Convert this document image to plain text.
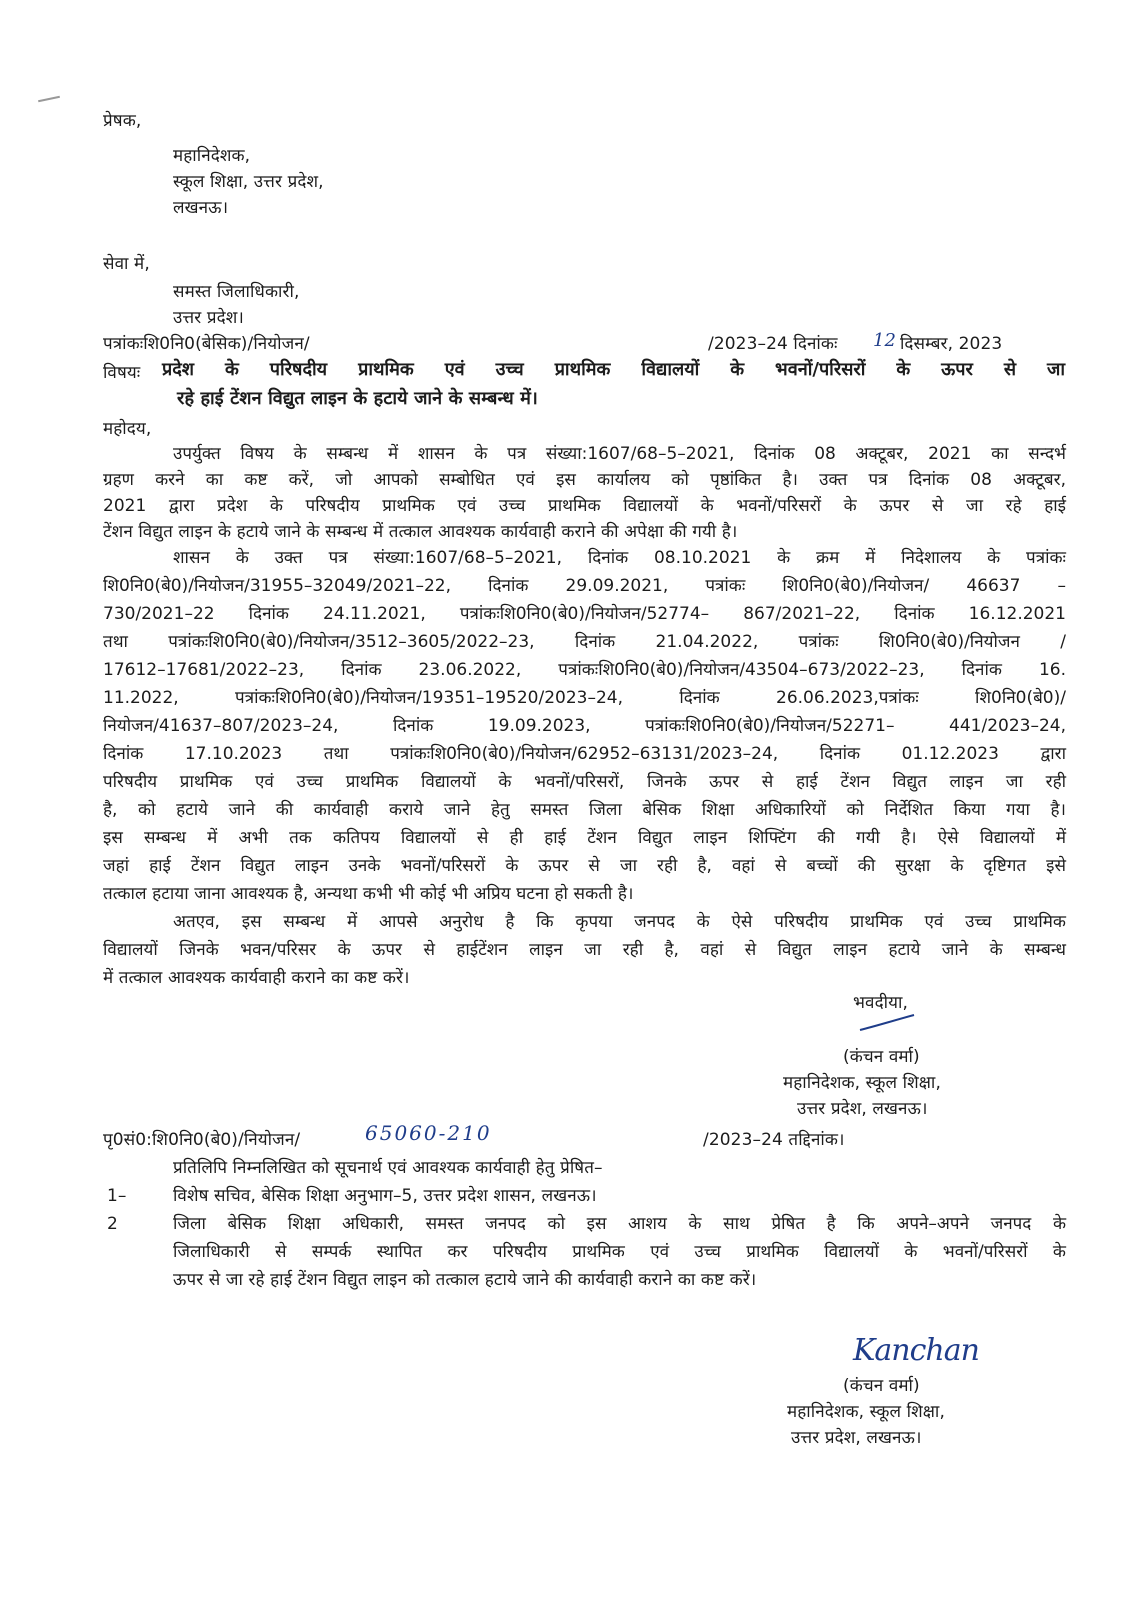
प्रेषक,
महानिदेशक,
स्कूल शिक्षा, उत्तर प्रदेश,
लखनऊ।
सेवा में,
समस्त जिलाधिकारी,
उत्तर प्रदेश।
पत्रांकःशि0नि0(बेसिक)/नियोजन/	/2023–24 दिनांकः 12 दिसम्बर, 2023
विषयः प्रदेश के परिषदीय प्राथमिक एवं उच्च प्राथमिक विद्यालयों के भवनों/परिसरों के ऊपर से जा
रहे हाई टेंशन विद्युत लाइन के हटाये जाने के सम्बन्ध में।
महोदय,
उपर्युक्त विषय के सम्बन्ध में शासन के पत्र संख्या:1607/68–5–2021, दिनांक 08 अक्टूबर, 2021 का सन्दर्भ
ग्रहण करने का कष्ट करें, जो आपको सम्बोधित एवं इस कार्यालय को पृष्ठांकित है। उक्त पत्र दिनांक 08 अक्टूबर,
2021 द्वारा प्रदेश के परिषदीय प्राथमिक एवं उच्च प्राथमिक विद्यालयों के भवनों/परिसरों के ऊपर से जा रहे हाई
टेंशन विद्युत लाइन के हटाये जाने के सम्बन्ध में तत्काल आवश्यक कार्यवाही कराने की अपेक्षा की गयी है।
शासन के उक्त पत्र संख्या:1607/68–5–2021, दिनांक 08.10.2021 के क्रम में निदेशालय के पत्रांकः
शि0नि0(बे0)/नियोजन/31955–32049/2021–22, दिनांक 29.09.2021, पत्रांकः शि0नि0(बे0)/नियोजन/ 46637 –
730/2021–22 दिनांक 24.11.2021, पत्रांकःशि0नि0(बे0)/नियोजन/52774– 867/2021–22, दिनांक 16.12.2021
तथा पत्रांकःशि0नि0(बे0)/नियोजन/3512–3605/2022–23, दिनांक 21.04.2022, पत्रांकः शि0नि0(बे0)/नियोजन /
17612–17681/2022–23, दिनांक 23.06.2022, पत्रांकःशि0नि0(बे0)/नियोजन/43504–673/2022–23, दिनांक 16.
11.2022, पत्रांकःशि0नि0(बे0)/नियोजन/19351–19520/2023–24, दिनांक 26.06.2023,पत्रांकः शि0नि0(बे0)/
नियोजन/41637–807/2023–24, दिनांक 19.09.2023, पत्रांकःशि0नि0(बे0)/नियोजन/52271– 441/2023–24,
दिनांक 17.10.2023 तथा पत्रांकःशि0नि0(बे0)/नियोजन/62952–63131/2023–24, दिनांक 01.12.2023 द्वारा
परिषदीय प्राथमिक एवं उच्च प्राथमिक विद्यालयों के भवनों/परिसरों, जिनके ऊपर से हाई टेंशन विद्युत लाइन जा रही
है, को हटाये जाने की कार्यवाही कराये जाने हेतु समस्त जिला बेसिक शिक्षा अधिकारियों को निर्देशित किया गया है।
इस सम्बन्ध में अभी तक कतिपय विद्यालयों से ही हाई टेंशन विद्युत लाइन शिफ्टिंग की गयी है। ऐसे विद्यालयों में
जहां हाई टेंशन विद्युत लाइन उनके भवनों/परिसरों के ऊपर से जा रही है, वहां से बच्चों की सुरक्षा के दृष्टिगत इसे
तत्काल हटाया जाना आवश्यक है, अन्यथा कभी भी कोई भी अप्रिय घटना हो सकती है।
अतएव, इस सम्बन्ध में आपसे अनुरोध है कि कृपया जनपद के ऐसे परिषदीय प्राथमिक एवं उच्च प्राथमिक
विद्यालयों जिनके भवन/परिसर के ऊपर से हाईटेंशन लाइन जा रही है, वहां से विद्युत लाइन हटाये जाने के सम्बन्ध
में तत्काल आवश्यक कार्यवाही कराने का कष्ट करें।
भवदीया,
(कंचन वर्मा)
महानिदेशक, स्कूल शिक्षा,
उत्तर प्रदेश, लखनऊ।
पृ0सं0:शि0नि0(बे0)/नियोजन/	65060-210	/2023–24 तद्दिनांक।
प्रतिलिपि निम्नलिखित को सूचनार्थ एवं आवश्यक कार्यवाही हेतु प्रेषित–
1–	विशेष सचिव, बेसिक शिक्षा अनुभाग–5, उत्तर प्रदेश शासन, लखनऊ।
2	जिला बेसिक शिक्षा अधिकारी, समस्त जनपद को इस आशय के साथ प्रेषित है कि अपने–अपने जनपद के
जिलाधिकारी से सम्पर्क स्थापित कर परिषदीय प्राथमिक एवं उच्च प्राथमिक विद्यालयों के भवनों/परिसरों के
ऊपर से जा रहे हाई टेंशन विद्युत लाइन को तत्काल हटाये जाने की कार्यवाही कराने का कष्ट करें।
Kanchan
(कंचन वर्मा)
महानिदेशक, स्कूल शिक्षा,
उत्तर प्रदेश, लखनऊ।
